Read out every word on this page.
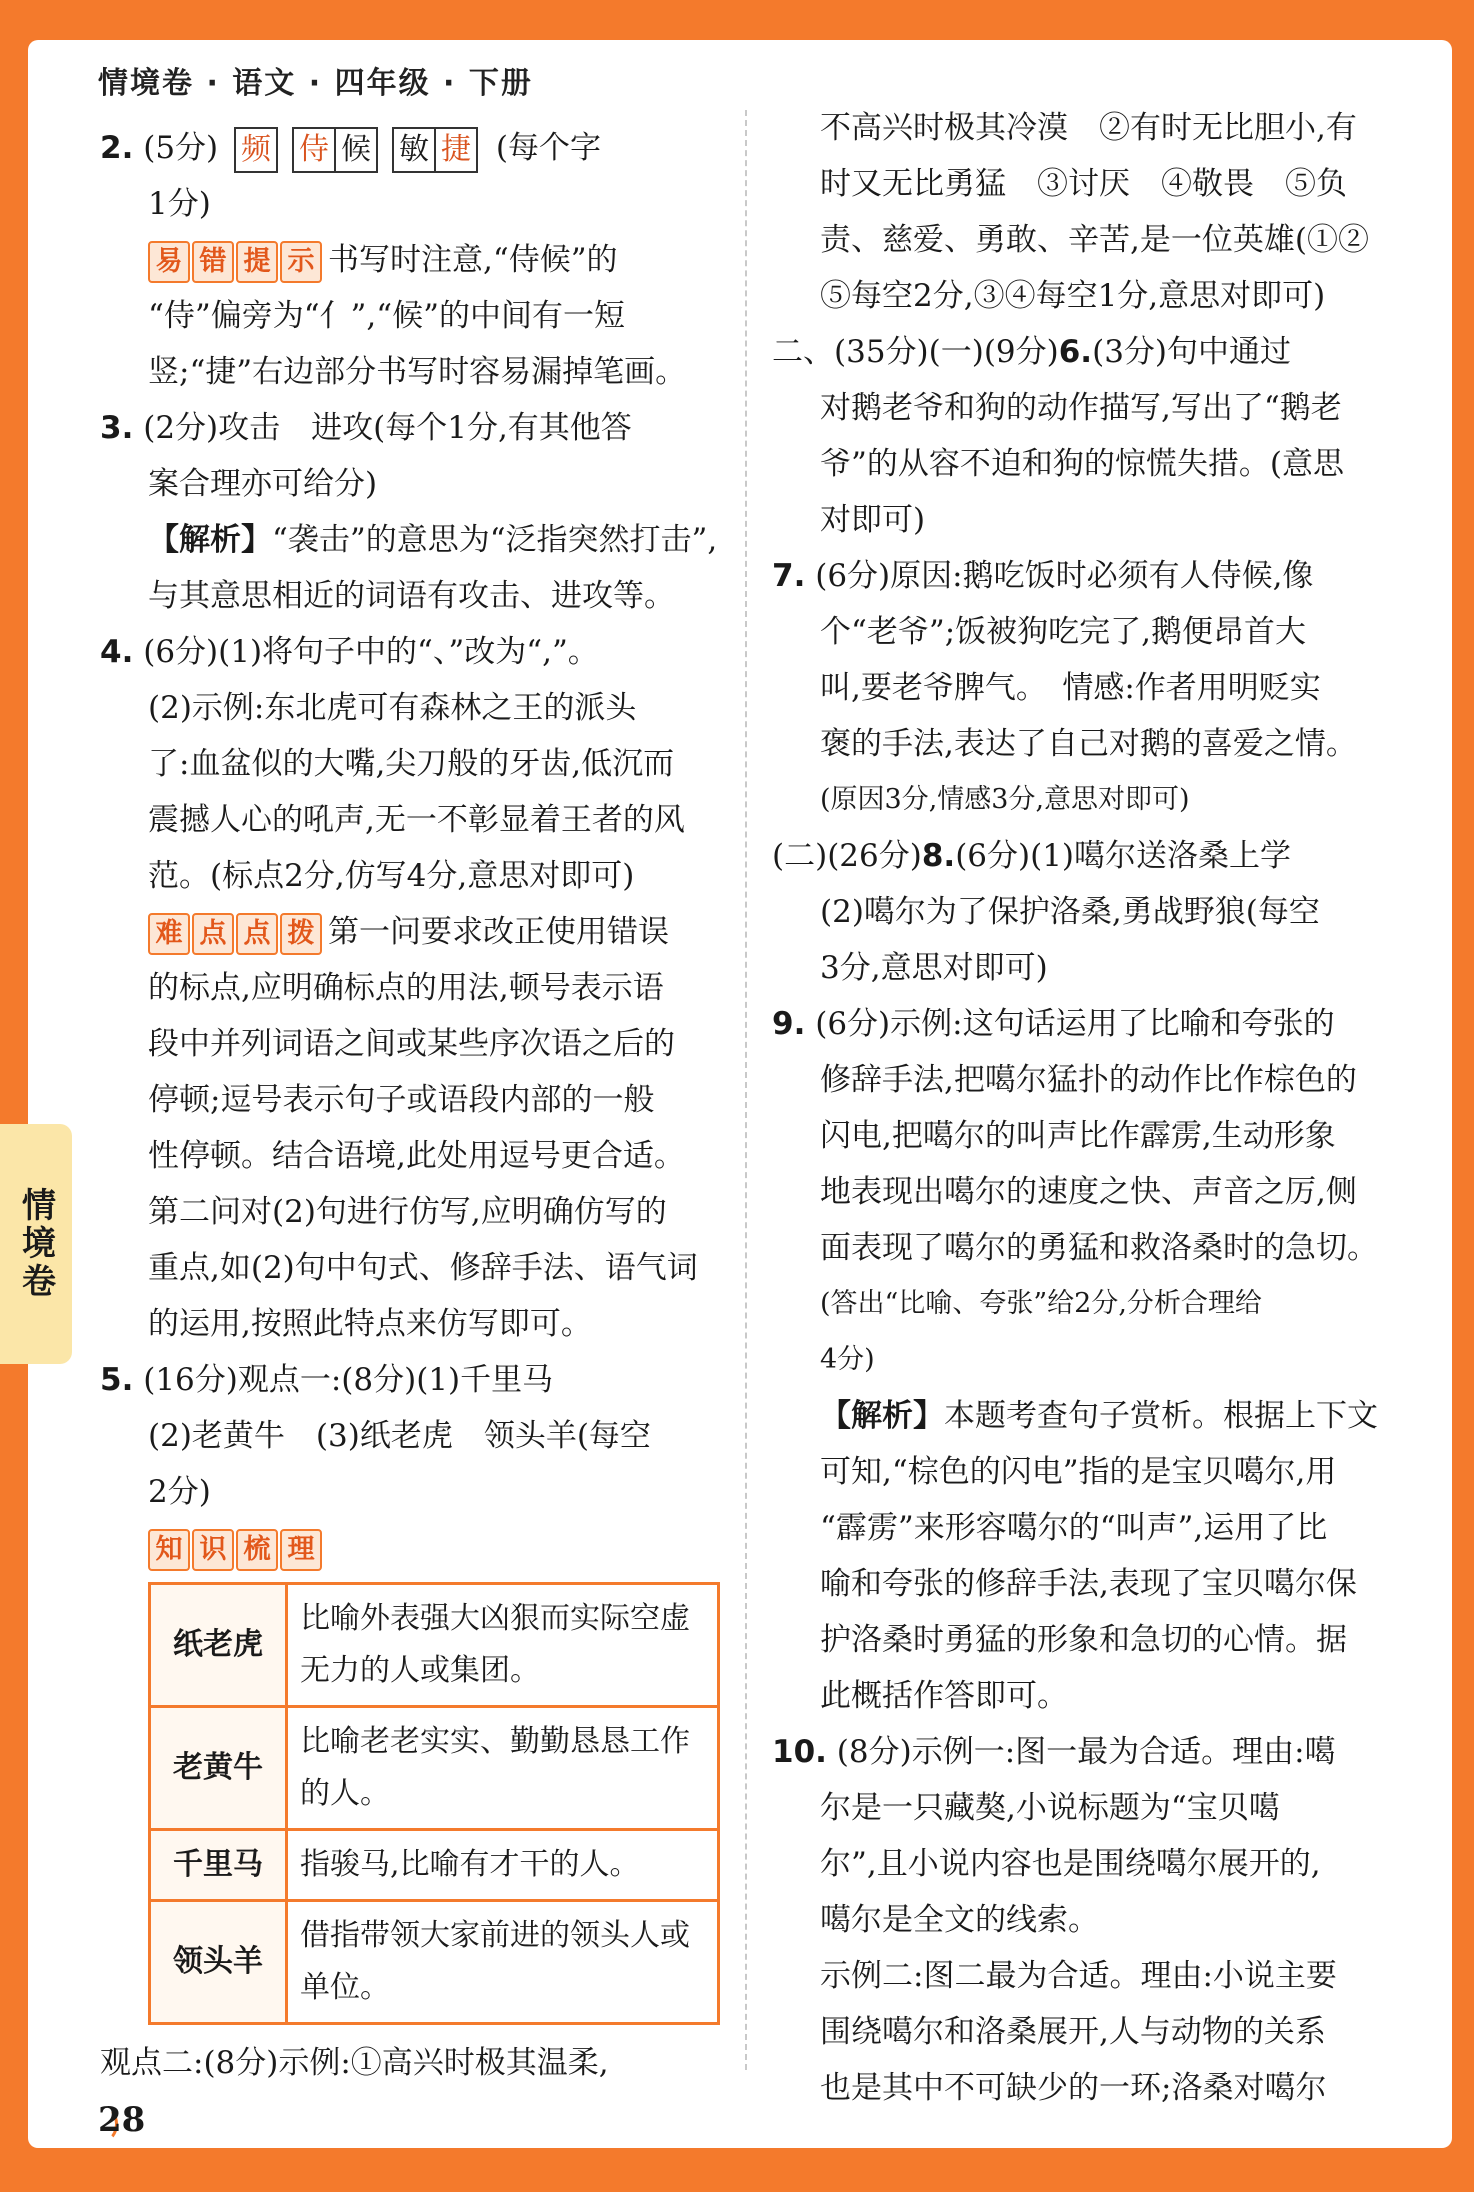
情境卷 · 语文 · 四年级 · 下册
情境卷

2. (5分) 频 侍 候 敏 捷 (每个字

1分)

易 错 提 示 书写时注意,“侍候”的

“侍”偏旁为“亻”,“候”的中间有一短

竖;“捷”右边部分书写时容易漏掉笔画。

3. (2分)攻击　进攻(每个1分,有其他答

案合理亦可给分)

【解析】“袭击”的意思为“泛指突然打击”,

与其意思相近的词语有攻击、进攻等。

4. (6分)(1)将句子中的“、”改为“,”。

(2)示例:东北虎可有森林之王的派头

了:血盆似的大嘴,尖刀般的牙齿,低沉而

震撼人心的吼声,无一不彰显着王者的风

范。(标点2分,仿写4分,意思对即可)

难 点 点 拨 第一问要求改正使用错误

的标点,应明确标点的用法,顿号表示语

段中并列词语之间或某些序次语之后的

停顿;逗号表示句子或语段内部的一般

性停顿。结合语境,此处用逗号更合适。

第二问对(2)句进行仿写,应明确仿写的

重点,如(2)句中句式、修辞手法、语气词

的运用,按照此特点来仿写即可。

5. (16分)观点一:(8分)(1)千里马

(2)老黄牛　(3)纸老虎　领头羊(每空

2分)

知 识 梳 理

纸老虎	比喻外表强大凶狠而实际空虚无力的人或集团。
老黄牛	比喻老老实实、勤勤恳恳工作的人。
千里马	指骏马,比喻有才干的人。
领头羊	借指带领大家前进的领头人或单位。

观点二:(8分)示例:①高兴时极其温柔,

不高兴时极其冷漠　②有时无比胆小,有

时又无比勇猛　③讨厌　④敬畏　⑤负

责、慈爱、勇敢、辛苦,是一位英雄(①②

⑤每空2分,③④每空1分,意思对即可)

二、(35分)(一)(9分)6.(3分)句中通过

对鹅老爷和狗的动作描写,写出了“鹅老

爷”的从容不迫和狗的惊慌失措。(意思

对即可)

7. (6分)原因:鹅吃饭时必须有人侍候,像

个“老爷”;饭被狗吃完了,鹅便昂首大

叫,要老爷脾气。　情感:作者用明贬实

褒的手法,表达了自己对鹅的喜爱之情。

(原因3分,情感3分,意思对即可)

(二)(26分)8.(6分)(1)噶尔送洛桑上学

(2)噶尔为了保护洛桑,勇战野狼(每空

3分,意思对即可)

9. (6分)示例:这句话运用了比喻和夸张的

修辞手法,把噶尔猛扑的动作比作棕色的

闪电,把噶尔的叫声比作霹雳,生动形象

地表现出噶尔的速度之快、声音之厉,侧

面表现了噶尔的勇猛和救洛桑时的急切。

(答出“比喻、夸张”给2分,分析合理给

4分)

【解析】本题考查句子赏析。根据上下文

可知,“棕色的闪电”指的是宝贝噶尔,用

“霹雳”来形容噶尔的“叫声”,运用了比

喻和夸张的修辞手法,表现了宝贝噶尔保

护洛桑时勇猛的形象和急切的心情。据

此概括作答即可。

10. (8分)示例一:图一最为合适。理由:噶

尔是一只藏獒,小说标题为“宝贝噶

尔”,且小说内容也是围绕噶尔展开的,

噶尔是全文的线索。

示例二:图二最为合适。理由:小说主要

围绕噶尔和洛桑展开,人与动物的关系

也是其中不可缺少的一环;洛桑对噶尔

28
